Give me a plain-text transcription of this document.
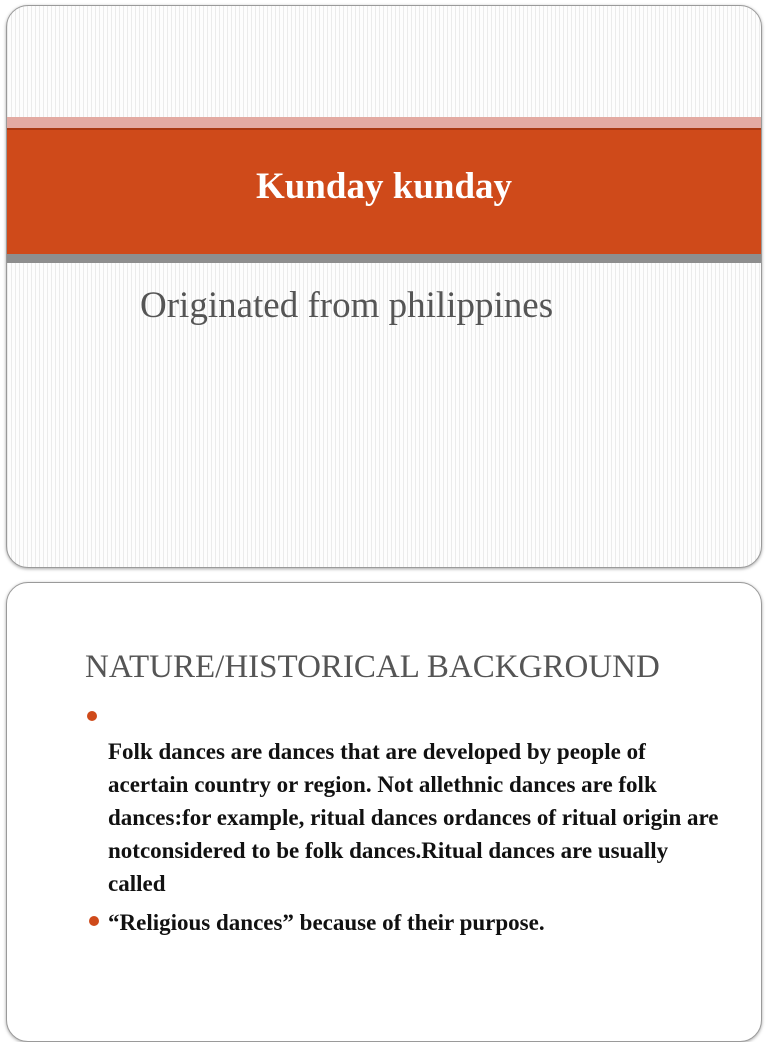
Kunday kunday
Originated from philippines
NATURE/HISTORICAL BACKGROUND

Folk dances are dances that are developed by people of acertain country or region. Not allethnic dances are folk dances:for example, ritual dances ordances of ritual origin are notconsidered to be folk dances.Ritual dances are usually called

“Religious dances” because of their purpose.
